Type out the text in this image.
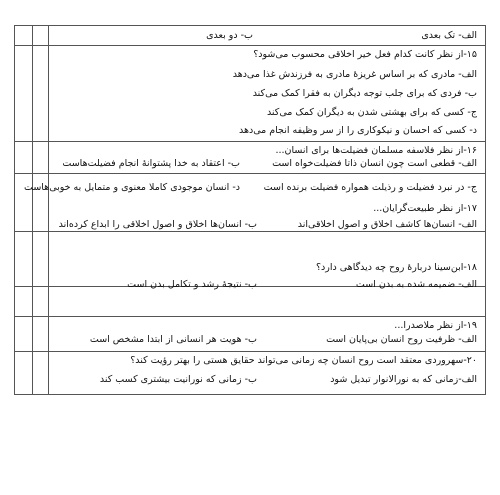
الف- تک بعدی
ب- دو بعدی
۱۵-از نظر کانت کدام فعل خیر اخلاقی محسوب می‌شود؟
الف- مادری که بر اساس غریزهٔ مادری به فرزندش غذا می‌دهد
ب- فردی که برای جلب توجه دیگران به فقرا کمک می‌کند
ج- کسی که برای بهشتی شدن به دیگران کمک می‌کند
د- کسی که احسان و نیکوکاری را از سر وظیفه انجام می‌دهد
۱۶-از نظر فلاسفه مسلمان فضیلت‌ها برای انسان...
الف- قطعی است چون انسان ذاتا فضیلت‌خواه است
ب- اعتقاد به خدا پشتوانهٔ انجام فضیلت‌هاست
ج- در نبرد فضیلت و رذیلت همواره فضیلت برنده است
د- انسان موجودی کاملا معنوی و متمایل به خوبی‌هاست
۱۷-از نظر طبیعت‌گرایان...
الف- انسان‌ها کاشف اخلاق و اصول اخلاقی‌اند
ب- انسان‌ها اخلاق و اصول اخلاقی را ابداع کرده‌اند
۱۸-ابن‌سینا دربارهٔ روح چه دیدگاهی دارد؟
الف- ضمیمه شده به بدن است
ب- نتیجهٔ رشد و تکامل بدن است
۱۹-از نظر ملاصدرا...
الف- ظرفیت روح انسان بی‌پایان است
ب- هویت هر انسانی از ابتدا مشخص است
۲۰-سهروردی معتقد است روح انسان چه زمانی می‌تواند حقایق هستی را بهتر رؤیت کند؟
الف-زمانی که به نورالانوار تبدیل شود
ب- زمانی که نورانیت بیشتری کسب کند
